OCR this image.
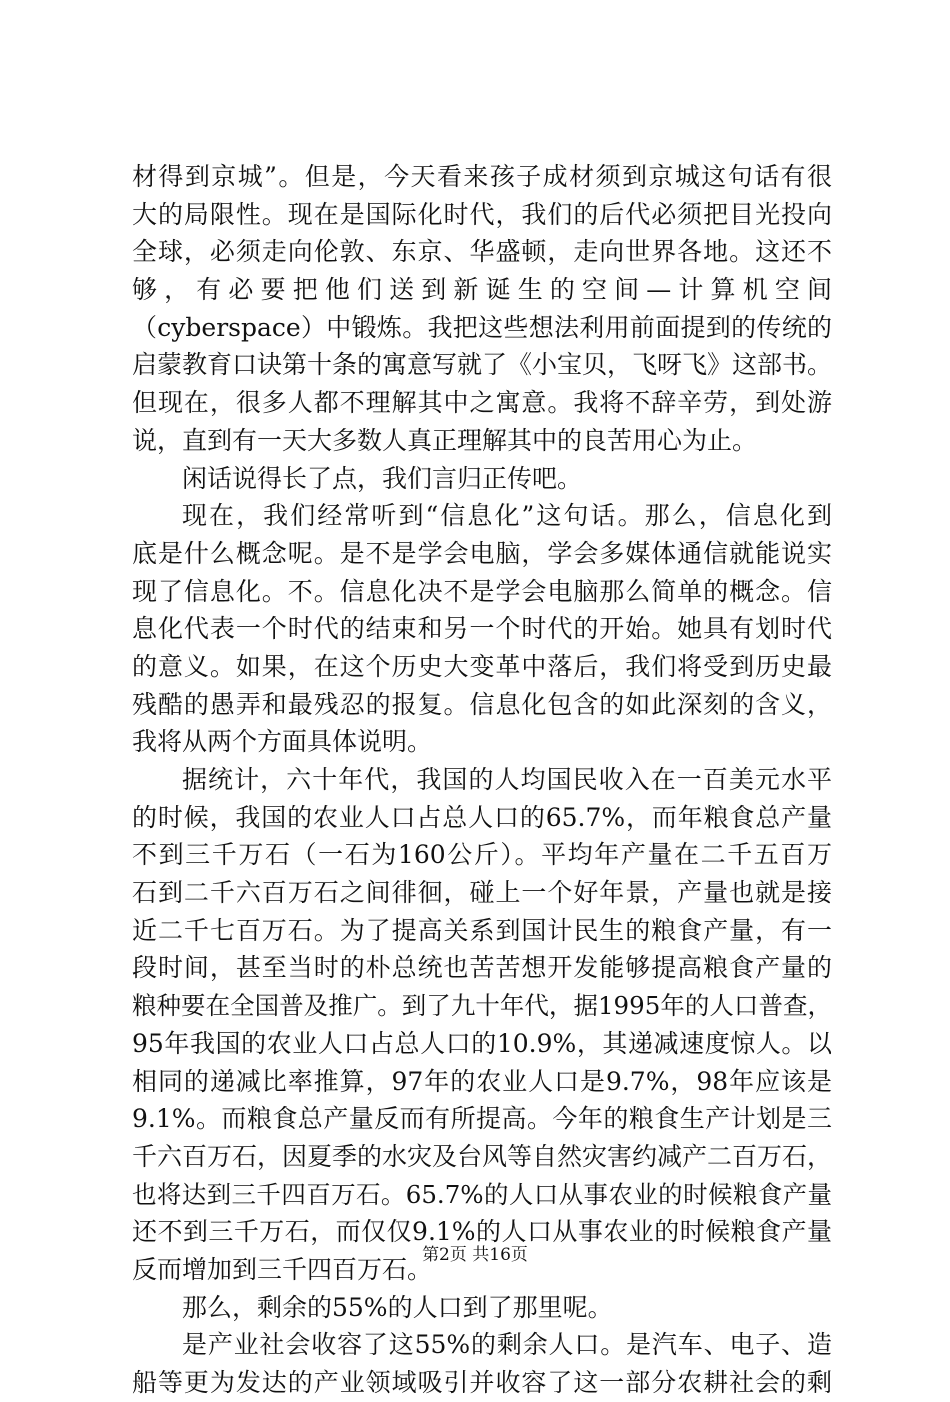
材得到京城”。但是，今天看来孩子成材须到京城这句话有很
大的局限性。现在是国际化时代，我们的后代必须把目光投向
全球，必须走向伦敦、东京、华盛顿，走向世界各地。这还不
够，有必要把他们送到新诞生的空间—计算机空间
（cyberspace）中锻炼。我把这些想法利用前面提到的传统的
启蒙教育口诀第十条的寓意写就了《小宝贝，飞呀飞》这部书。
但现在，很多人都不理解其中之寓意。我将不辞辛劳，到处游
说，直到有一天大多数人真正理解其中的良苦用心为止。
闲话说得长了点，我们言归正传吧。
现在，我们经常听到“信息化”这句话。那么，信息化到
底是什么概念呢。是不是学会电脑，学会多媒体通信就能说实
现了信息化。不。信息化决不是学会电脑那么简单的概念。信
息化代表一个时代的结束和另一个时代的开始。她具有划时代
的意义。如果，在这个历史大变革中落后，我们将受到历史最
残酷的愚弄和最残忍的报复。信息化包含的如此深刻的含义，
我将从两个方面具体说明。
据统计，六十年代，我国的人均国民收入在一百美元水平
的时候，我国的农业人口占总人口的65.7%，而年粮食总产量
不到三千万石（一石为160公斤）。平均年产量在二千五百万
石到二千六百万石之间徘徊，碰上一个好年景，产量也就是接
近二千七百万石。为了提高关系到国计民生的粮食产量，有一
段时间，甚至当时的朴总统也苦苦想开发能够提高粮食产量的
粮种要在全国普及推广。到了九十年代，据1995年的人口普查，
95年我国的农业人口占总人口的10.9%，其递减速度惊人。以
相同的递减比率推算，97年的农业人口是9.7%，98年应该是
9.1%。而粮食总产量反而有所提高。今年的粮食生产计划是三
千六百万石，因夏季的水灾及台风等自然灾害约减产二百万石，
也将达到三千四百万石。65.7%的人口从事农业的时候粮食产量
还不到三千万石，而仅仅9.1%的人口从事农业的时候粮食产量
反而增加到三千四百万石。
那么，剩余的55%的人口到了那里呢。
是产业社会收容了这55%的剩余人口。是汽车、电子、造
船等更为发达的产业领域吸引并收容了这一部分农耕社会的剩
第2页 共16页
